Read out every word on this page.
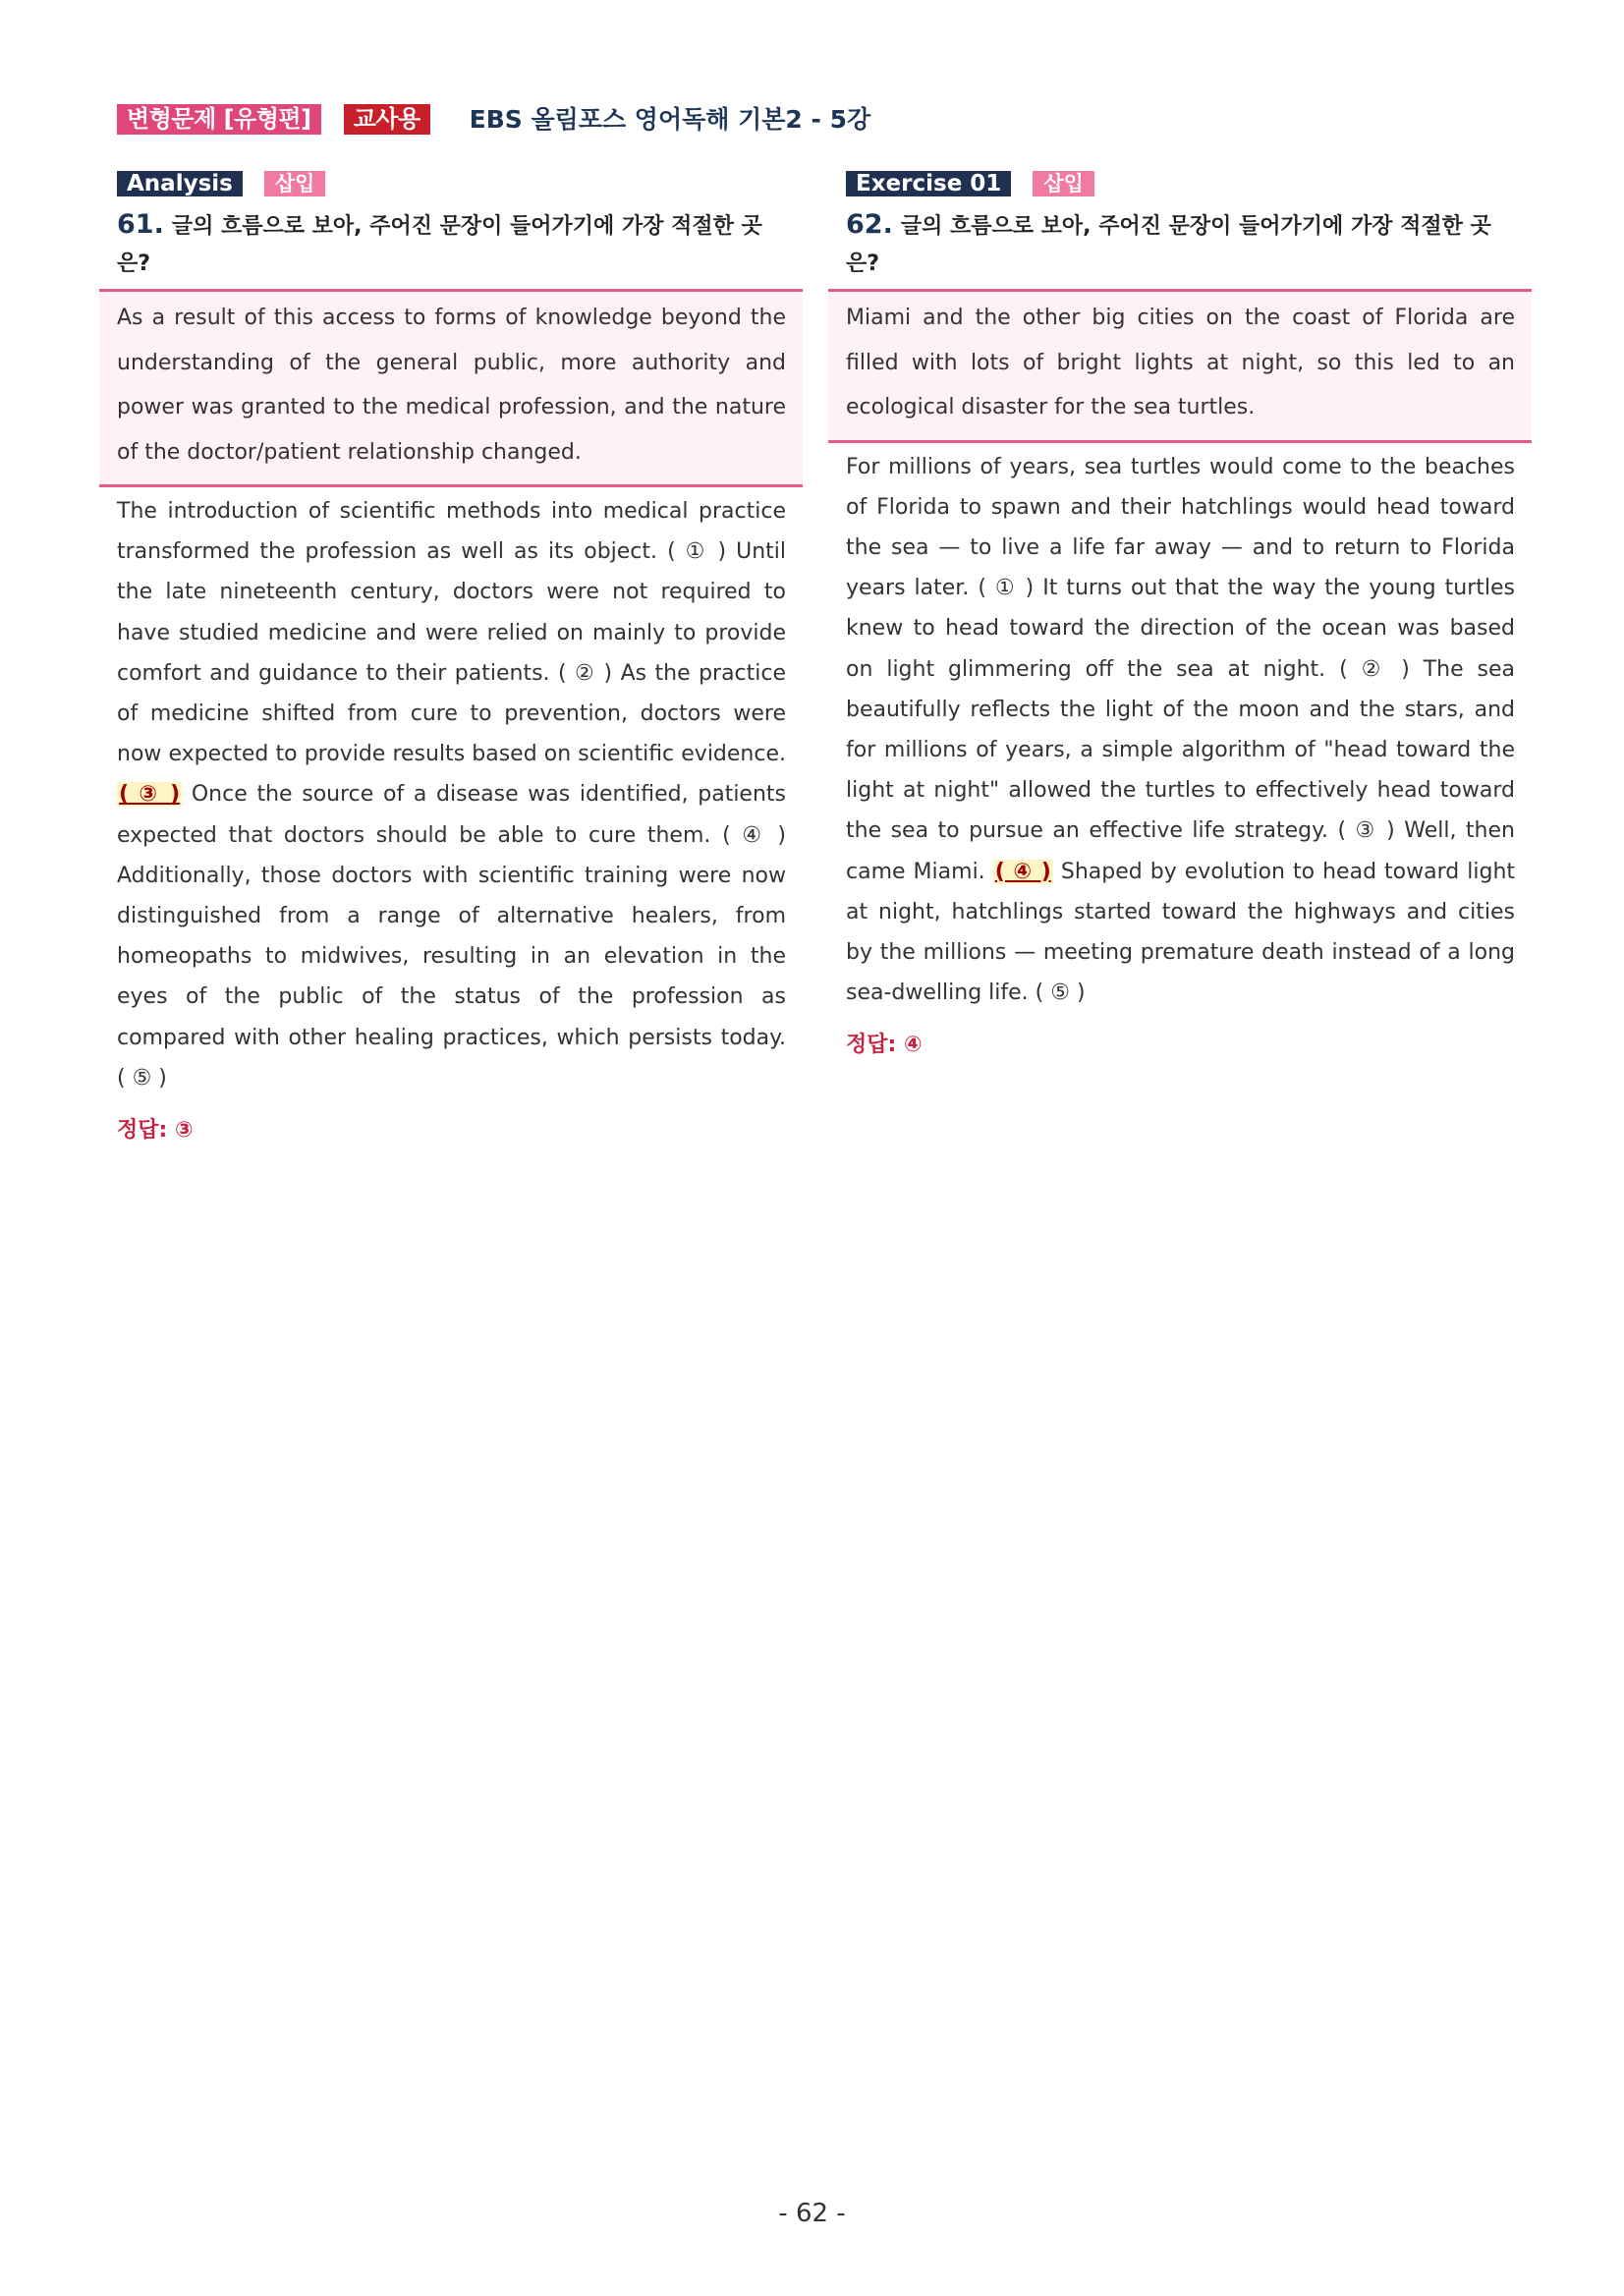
변형문제 [유형편]	교사용	EBS 올림포스 영어독해 기본2 - 5강
Analysis	삽입
61. 글의 흐름으로 보아, 주어진 문장이 들어가기에 가장 적절한 곳은?
As a result of this access to forms of knowledge beyond the understanding of the general public, more authority and power was granted to the medical profession, and the nature of the doctor/patient relationship changed.
The introduction of scientific methods into medical practice transformed the profession as well as its object. ( ① ) Until the late nineteenth century, doctors were not required to have studied medicine and were relied on mainly to provide comfort and guidance to their patients. ( ② ) As the practice of medicine shifted from cure to prevention, doctors were now expected to provide results based on scientific evidence. ( ③ ) Once the source of a disease was identified, patients expected that doctors should be able to cure them. ( ④ ) Additionally, those doctors with scientific training were now distinguished from a range of alternative healers, from homeopaths to midwives, resulting in an elevation in the eyes of the public of the status of the profession as compared with other healing practices, which persists today. ( ⑤ )
정답: ③
Exercise 01	삽입
62. 글의 흐름으로 보아, 주어진 문장이 들어가기에 가장 적절한 곳은?
Miami and the other big cities on the coast of Florida are filled with lots of bright lights at night, so this led to an ecological disaster for the sea turtles.
For millions of years, sea turtles would come to the beaches of Florida to spawn and their hatchlings would head toward the sea — to live a life far away — and to return to Florida years later. ( ① ) It turns out that the way the young turtles knew to head toward the direction of the ocean was based on light glimmering off the sea at night. ( ② ) The sea beautifully reflects the light of the moon and the stars, and for millions of years, a simple algorithm of "head toward the light at night" allowed the turtles to effectively head toward the sea to pursue an effective life strategy. ( ③ ) Well, then came Miami. ( ④ ) Shaped by evolution to head toward light at night, hatchlings started toward the highways and cities by the millions — meeting premature death instead of a long sea-dwelling life. ( ⑤ )
정답: ④
- 62 -
